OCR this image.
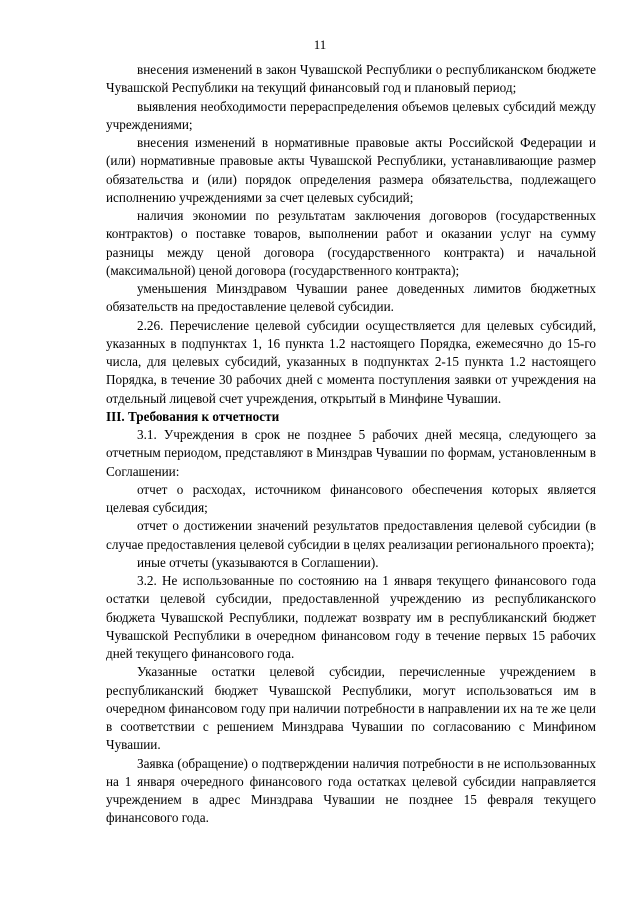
11

внесения изменений в закон Чувашской Республики о республиканском бюджете Чувашской Республики на текущий финансовый год и плановый период;

выявления необходимости перераспределения объемов целевых субсидий между учреждениями;

внесения изменений в нормативные правовые акты Российской Федерации и (или) нормативные правовые акты Чувашской Республики, устанавливающие размер обязательства и (или) порядок определения размера обязательства, подлежащего исполнению учреждениями за счет целевых субсидий;

наличия экономии по результатам заключения договоров (государственных контрактов) о поставке товаров, выполнении работ и оказании услуг на сумму разницы между ценой договора (государственного контракта) и начальной (максимальной) ценой договора (государственного контракта);

уменьшения Минздравом Чувашии ранее доведенных лимитов бюджетных обязательств на предоставление целевой субсидии.

2.26. Перечисление целевой субсидии осуществляется для целевых субсидий, указанных в подпунктах 1, 16 пункта 1.2 настоящего Порядка, ежемесячно до 15-го числа, для целевых субсидий, указанных в подпунктах 2-15 пункта 1.2 настоящего Порядка, в течение 30 рабочих дней с момента поступления заявки от учреждения на отдельный лицевой счет учреждения, открытый в Минфине Чувашии.

III. Требования к отчетности

3.1. Учреждения в срок не позднее 5 рабочих дней месяца, следующего за отчетным периодом, представляют в Минздрав Чувашии по формам, установленным в Соглашении:

отчет о расходах, источником финансового обеспечения которых является целевая субсидия;

отчет о достижении значений результатов предоставления целевой субсидии (в случае предоставления целевой субсидии в целях реализации регионального проекта);

иные отчеты (указываются в Соглашении).

3.2. Не использованные по состоянию на 1 января текущего финансового года остатки целевой субсидии, предоставленной учреждению из республиканского бюджета Чувашской Республики, подлежат возврату им в республиканский бюджет Чувашской Республики в очередном финансовом году в течение первых 15 рабочих дней текущего финансового года.

Указанные остатки целевой субсидии, перечисленные учреждением в республиканский бюджет Чувашской Республики, могут использоваться им в очередном финансовом году при наличии потребности в направлении их на те же цели в соответствии с решением Минздрава Чувашии по согласованию с Минфином Чувашии.

Заявка (обращение) о подтверждении наличия потребности в не использованных на 1 января очередного финансового года остатках целевой субсидии направляется учреждением в адрес Минздрава Чувашии не позднее 15 февраля текущего финансового года.
